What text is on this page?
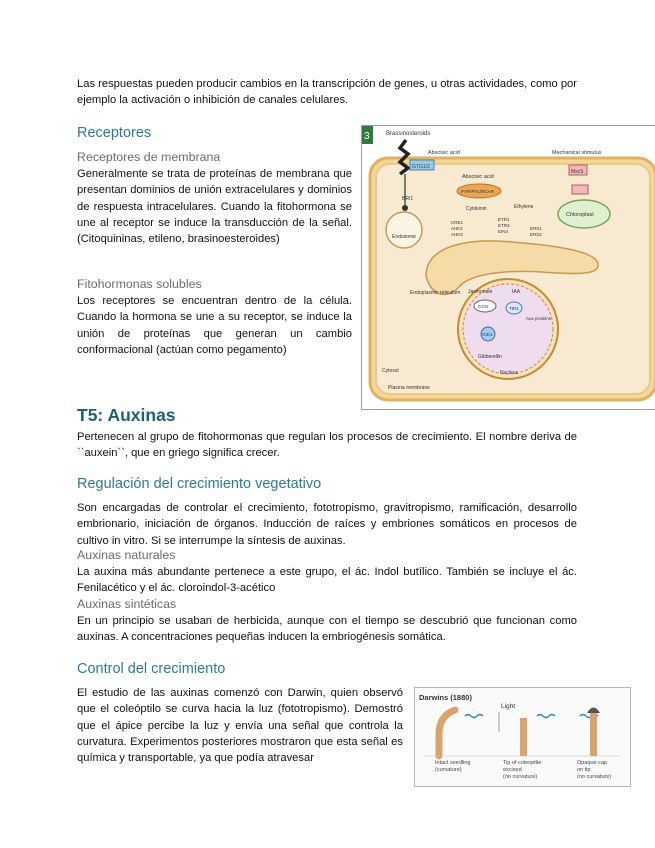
Las respuestas pueden producir cambios en la transcripción de genes, u otras actividades, como por ejemplo la activación o inhibición de canales celulares.

Receptores
Receptores de membrana

Generalmente se trata de proteínas de membrana que presentan dominios de unión extracelulares y dominios de respuesta intracelulares. Cuando la fitohormona se une al receptor se induce la transducción de la señal. (Citoquininas, etileno, brasinoesteroides)

Fitohormonas solubles

Los receptores se encuentran dentro de la célula. Cuando la hormona se une a su receptor, se induce la unión de proteínas que generan un cambio conformacional (actúan como pegamento)

3	Brassinosteroids
BRI1
Endosome
GTG1/2
Abscisic acid
Abscisic acid
PYR/PYL/RCAR
Mechanical stimulus
MscS
Chloroplast
Cytokinin	Ethylene
CRE1
AHK2
AHK3
ETR1
ETR2
EIN4
ERS1
ERS2
Endoplasmic reticulum Jasmonate	IAA
COI1	TIR1
Aux proteins
GID1
Gibberellin
Nucleus
Cytosol
Plasma membrane
T5: Auxinas

Pertenecen al grupo de fitohormonas que regulan los procesos de crecimiento. El nombre deriva de ``auxein``, que en griego significa crecer.

Regulación del crecimiento vegetativo

Son encargadas de controlar el crecimiento, fototropismo, gravitropismo, ramificación, desarrollo embrionario, iniciación de órganos. Inducción de raíces y embriones somáticos en procesos de cultivo in vitro. Si se interrumpe la síntesis de auxinas.

Auxinas naturales

La auxina más abundante pertenece a este grupo, el ác. Indol butílico. También se incluye el ác. Fenilacético y el ác. cloroindol-3-acético

Auxinas sintéticas

En un principio se usaban de herbicida, aunque con el tiempo se descubrió que funcionan como auxinas. A concentraciones pequeñas inducen la embriogénesis somática.

Control del crecimiento

El estudio de las auxinas comenzó con Darwin, quien observó que el coleóptilo se curva hacia la luz (fototropismo). Demostró que el ápice percibe la luz y envía una señal que controla la curvatura. Experimentos posteriores mostraron que esta señal es química y transportable, ya que podía atravesar

Darwins (1880)
Light
Intact seedling
(curvature)
Tip of coleoptile
excised
(no curvature)
Opaque cap
on tip
(no curvature)
